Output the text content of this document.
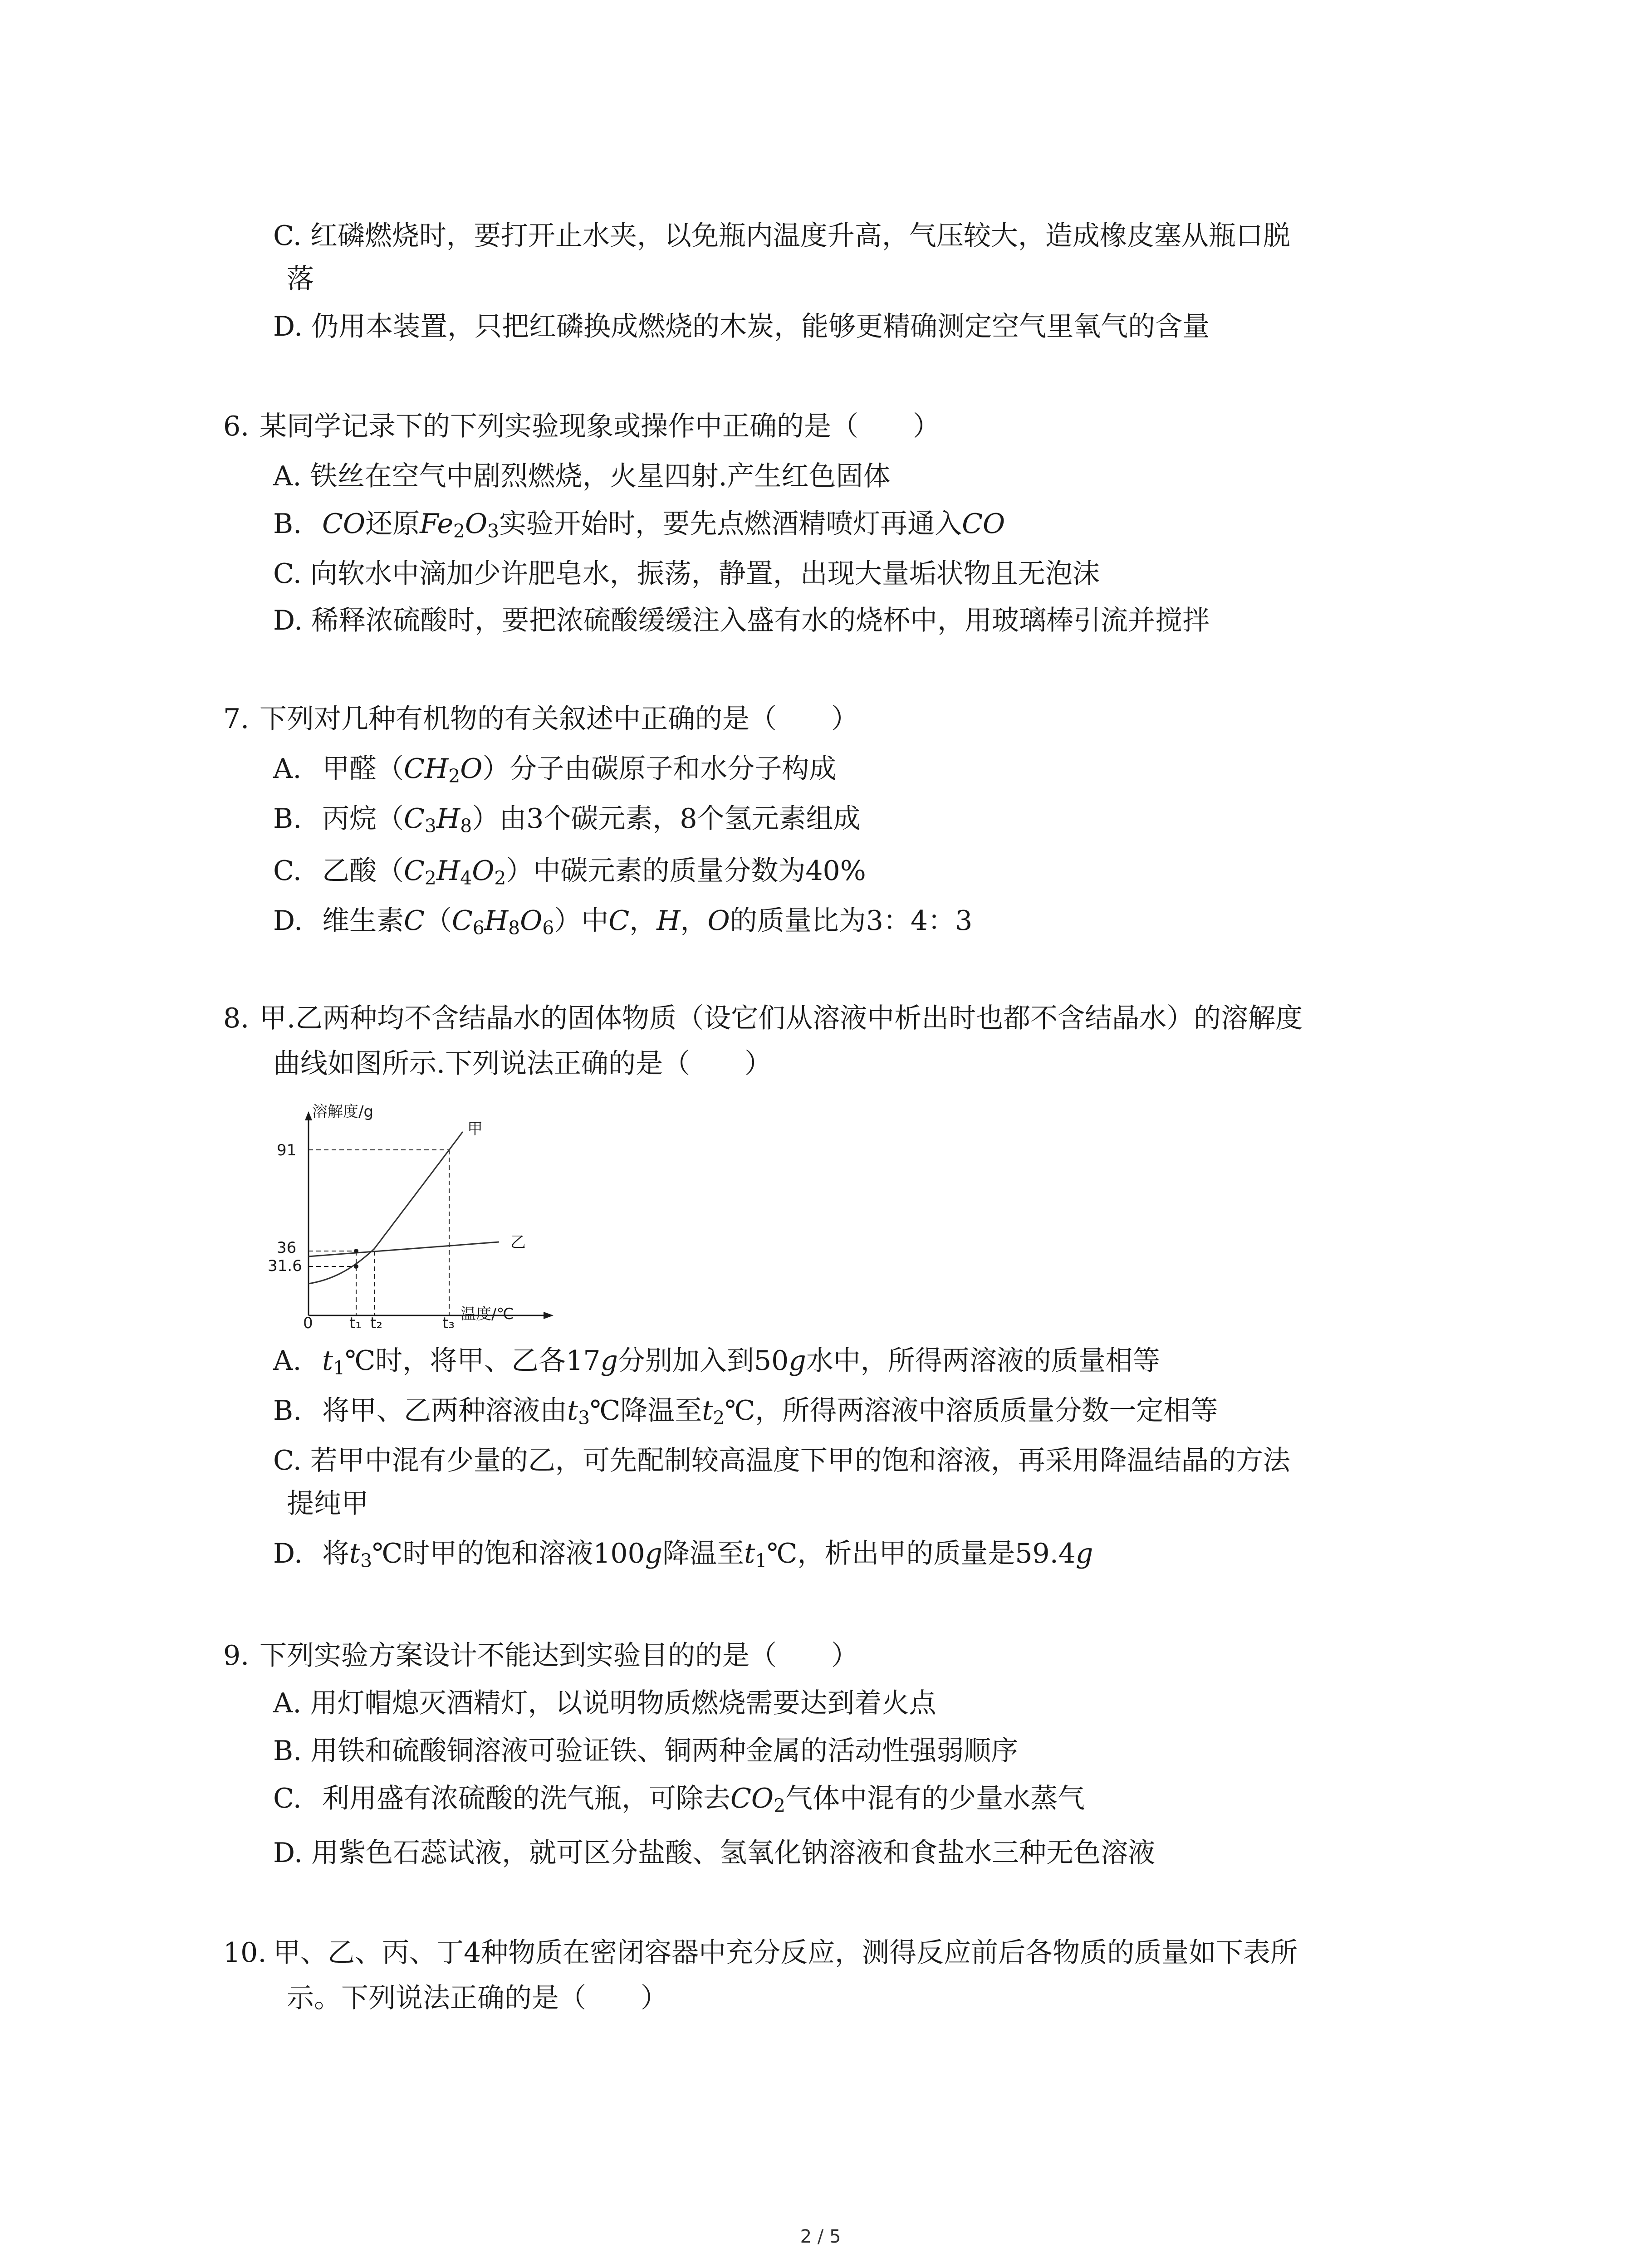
C. 红磷燃烧时，要打开止水夹，以免瓶内温度升高，气压较大，造成橡皮塞从瓶口脱
落
D. 仍用本装置，只把红磷换成燃烧的木炭，能够更精确测定空气里氧气的含量
6. 某同学记录下的下列实验现象或操作中正确的是（　　）
A. 铁丝在空气中剧烈燃烧，火星四射.产生红色固体
B. CO还原$Fe_2O_3$实验开始时，要先点燃酒精喷灯再通入CO
C. 向软水中滴加少许肥皂水，振荡，静置，出现大量垢状物且无泡沫
D. 稀释浓硫酸时，要把浓硫酸缓缓注入盛有水的烧杯中，用玻璃棒引流并搅拌
7. 下列对几种有机物的有关叙述中正确的是（　　）
A. 甲醛$(CH_2O)$分子由碳原子和水分子构成
B. 丙烷$(C_3H_8)$由3个碳元素，8个氢元素组成
C. 乙酸$(C_2H_4O_2)$中碳元素的质量分数为40%
D. 维生素$C(C_6H_8O_6)$中C，H，O的质量比为3：4：3
8. 甲.乙两种均不含结晶水的固体物质（设它们从溶液中析出时也都不含结晶水）的溶解度
曲线如图所示.下列说法正确的是（　　）
溶解度/g
温度/℃
91
36
31.6
0 t₁ t₂	t₃
甲
乙
A. $t_1℃$时，将甲、乙各17g分别加入到50g水中，所得两溶液的质量相等
B. 将甲、乙两种溶液由$t_3℃$降温至$t_2℃$，所得两溶液中溶质质量分数一定相等
C. 若甲中混有少量的乙，可先配制较高温度下甲的饱和溶液，再采用降温结晶的方法
提纯甲
D. 将$t_3℃$时甲的饱和溶液100g降温至$t_1℃$，析出甲的质量是59.4g
9. 下列实验方案设计不能达到实验目的的是（　　）
A. 用灯帽熄灭酒精灯，以说明物质燃烧需要达到着火点
B. 用铁和硫酸铜溶液可验证铁、铜两种金属的活动性强弱顺序
C. 利用盛有浓硫酸的洗气瓶，可除去$CO_2$气体中混有的少量水蒸气
D. 用紫色石蕊试液，就可区分盐酸、氢氧化钠溶液和食盐水三种无色溶液
10. 甲、乙、丙、丁4种物质在密闭容器中充分反应，测得反应前后各物质的质量如下表所
示。下列说法正确的是（　　）
2 / 5
